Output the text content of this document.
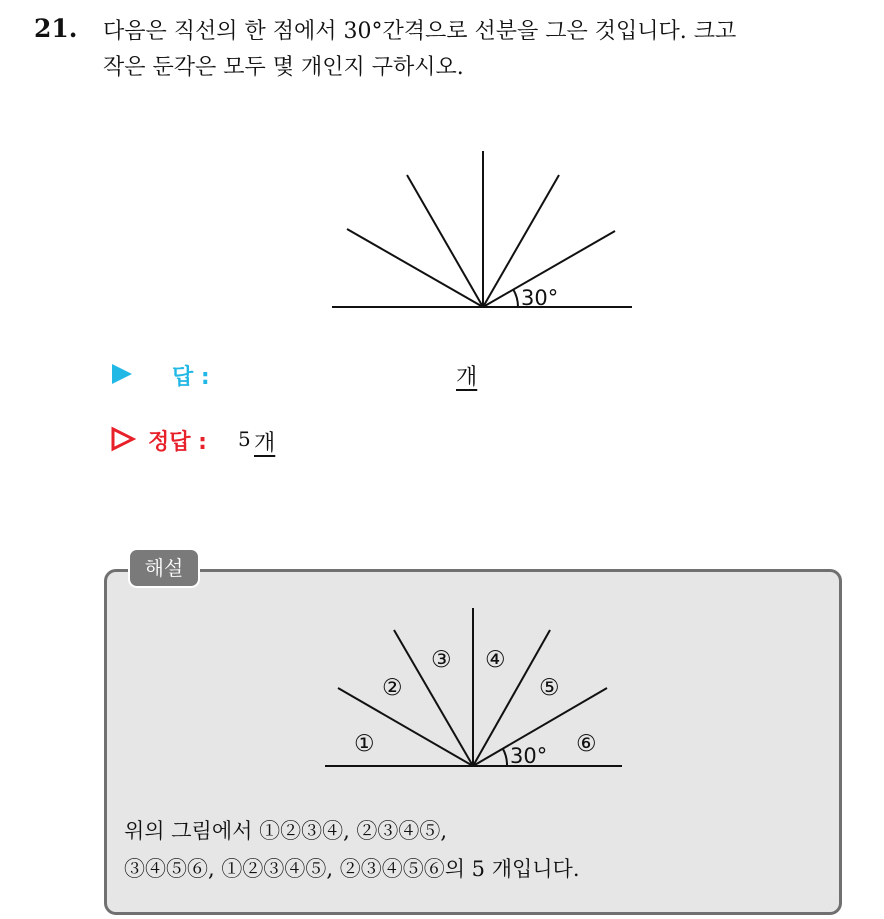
21. 다음은 직선의 한 점에서 30°간격으로 선분을 그은 것입니다. 크고
작은 둔각은 모두 몇 개인지 구하시오.
30°
답 :	개
정답 : 5 개
해설
①
②
③ ④
⑤
⑥
30°
위의 그림에서 ①②③④, ②③④⑤,
③④⑤⑥, ①②③④⑤, ②③④⑤⑥의 5 개입니다.
